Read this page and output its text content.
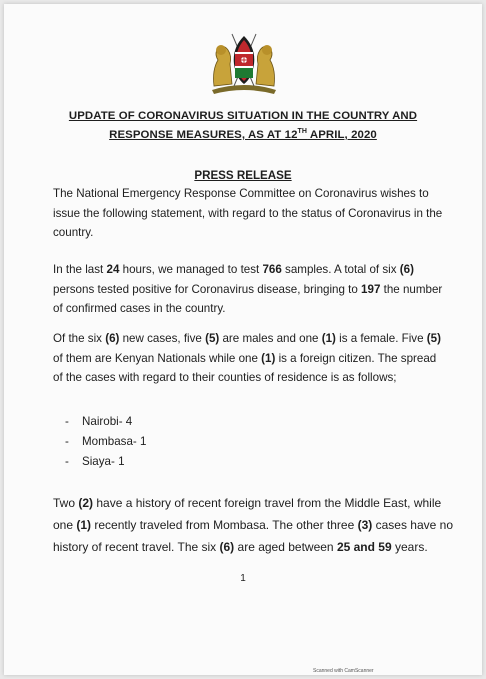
UPDATE OF CORONAVIRUS SITUATION IN THE COUNTRY AND
RESPONSE MEASURES, AS AT 12TH APRIL, 2020
PRESS RELEASE

The National Emergency Response Committee on Coronavirus wishes to issue the following statement, with regard to the status of Coronavirus in the country.

In the last 24 hours, we managed to test 766 samples. A total of six (6) persons tested positive for Coronavirus disease, bringing to 197 the number of confirmed cases in the country.

Of the six (6) new cases, five (5) are males and one (1) is a female. Five (5) of them are Kenyan Nationals while one (1) is a foreign citizen. The spread of the cases with regard to their counties of residence is as follows;

- Nairobi- 4
- Mombasa- 1
- Siaya- 1

Two (2) have a history of recent foreign travel from the Middle East, while one (1) recently traveled from Mombasa. The other three (3) cases have no history of recent travel. The six (6) are aged between 25 and 59 years.

1
Scanned with CamScanner
